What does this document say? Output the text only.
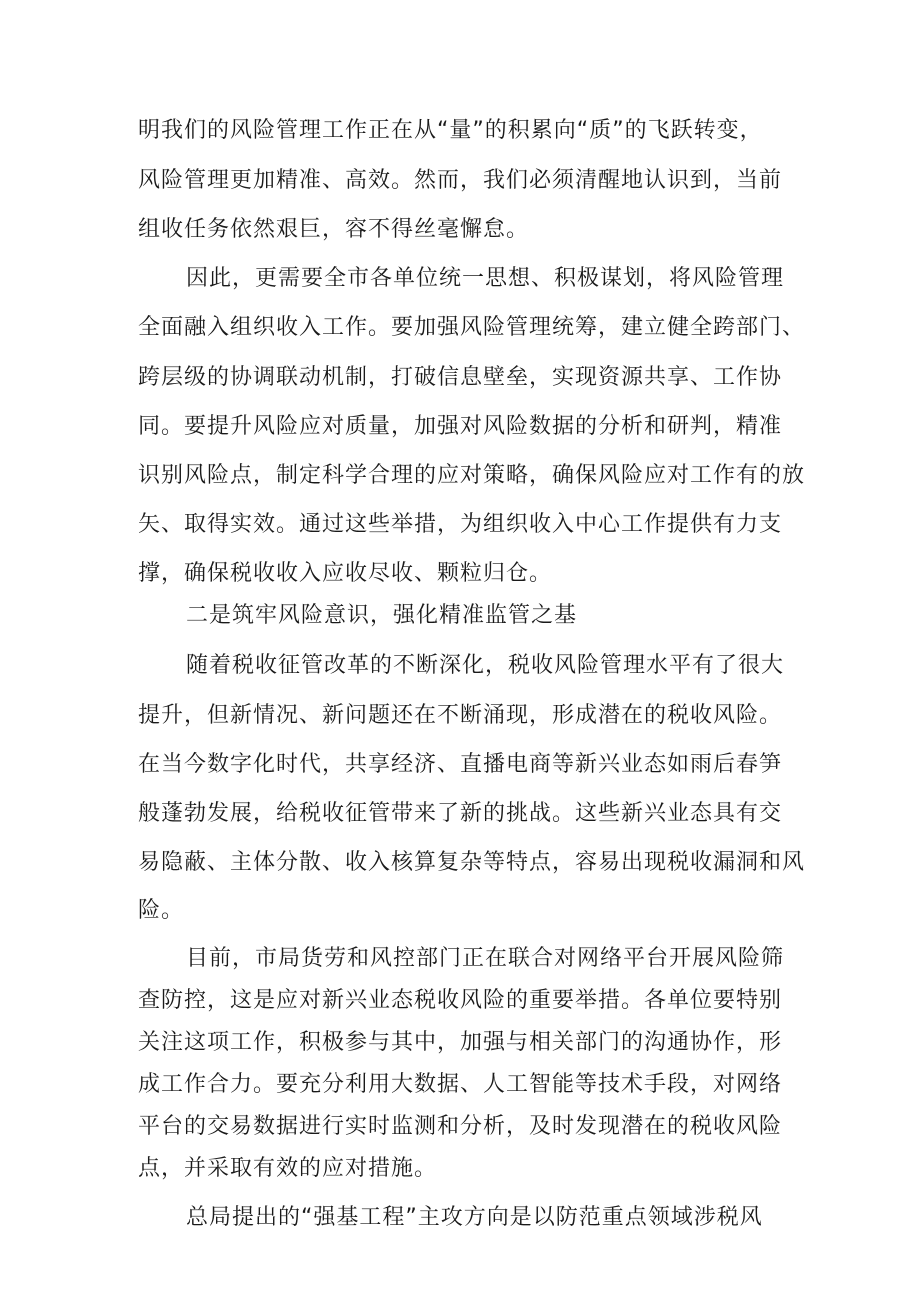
明我们的风险管理工作正在从“量”的积累向“质”的飞跃转变，
风险管理更加精准、高效。然而，我们必须清醒地认识到，当前
组收任务依然艰巨，容不得丝毫懈怠。
因此，更需要全市各单位统一思想、积极谋划，将风险管理
全面融入组织收入工作。要加强风险管理统筹，建立健全跨部门、
跨层级的协调联动机制，打破信息壁垒，实现资源共享、工作协
同。要提升风险应对质量，加强对风险数据的分析和研判，精准
识别风险点，制定科学合理的应对策略，确保风险应对工作有的放
矢、取得实效。通过这些举措，为组织收入中心工作提供有力支
撑，确保税收收入应收尽收、颗粒归仓。
二是筑牢风险意识，强化精准监管之基
随着税收征管改革的不断深化，税收风险管理水平有了很大
提升，但新情况、新问题还在不断涌现，形成潜在的税收风险。
在当今数字化时代，共享经济、直播电商等新兴业态如雨后春笋
般蓬勃发展，给税收征管带来了新的挑战。这些新兴业态具有交
易隐蔽、主体分散、收入核算复杂等特点，容易出现税收漏洞和风
险。
目前，市局货劳和风控部门正在联合对网络平台开展风险筛
查防控，这是应对新兴业态税收风险的重要举措。各单位要特别
关注这项工作，积极参与其中，加强与相关部门的沟通协作，形
成工作合力。要充分利用大数据、人工智能等技术手段，对网络
平台的交易数据进行实时监测和分析，及时发现潜在的税收风险
点，并采取有效的应对措施。
总局提出的“强基工程”主攻方向是以防范重点领域涉税风
